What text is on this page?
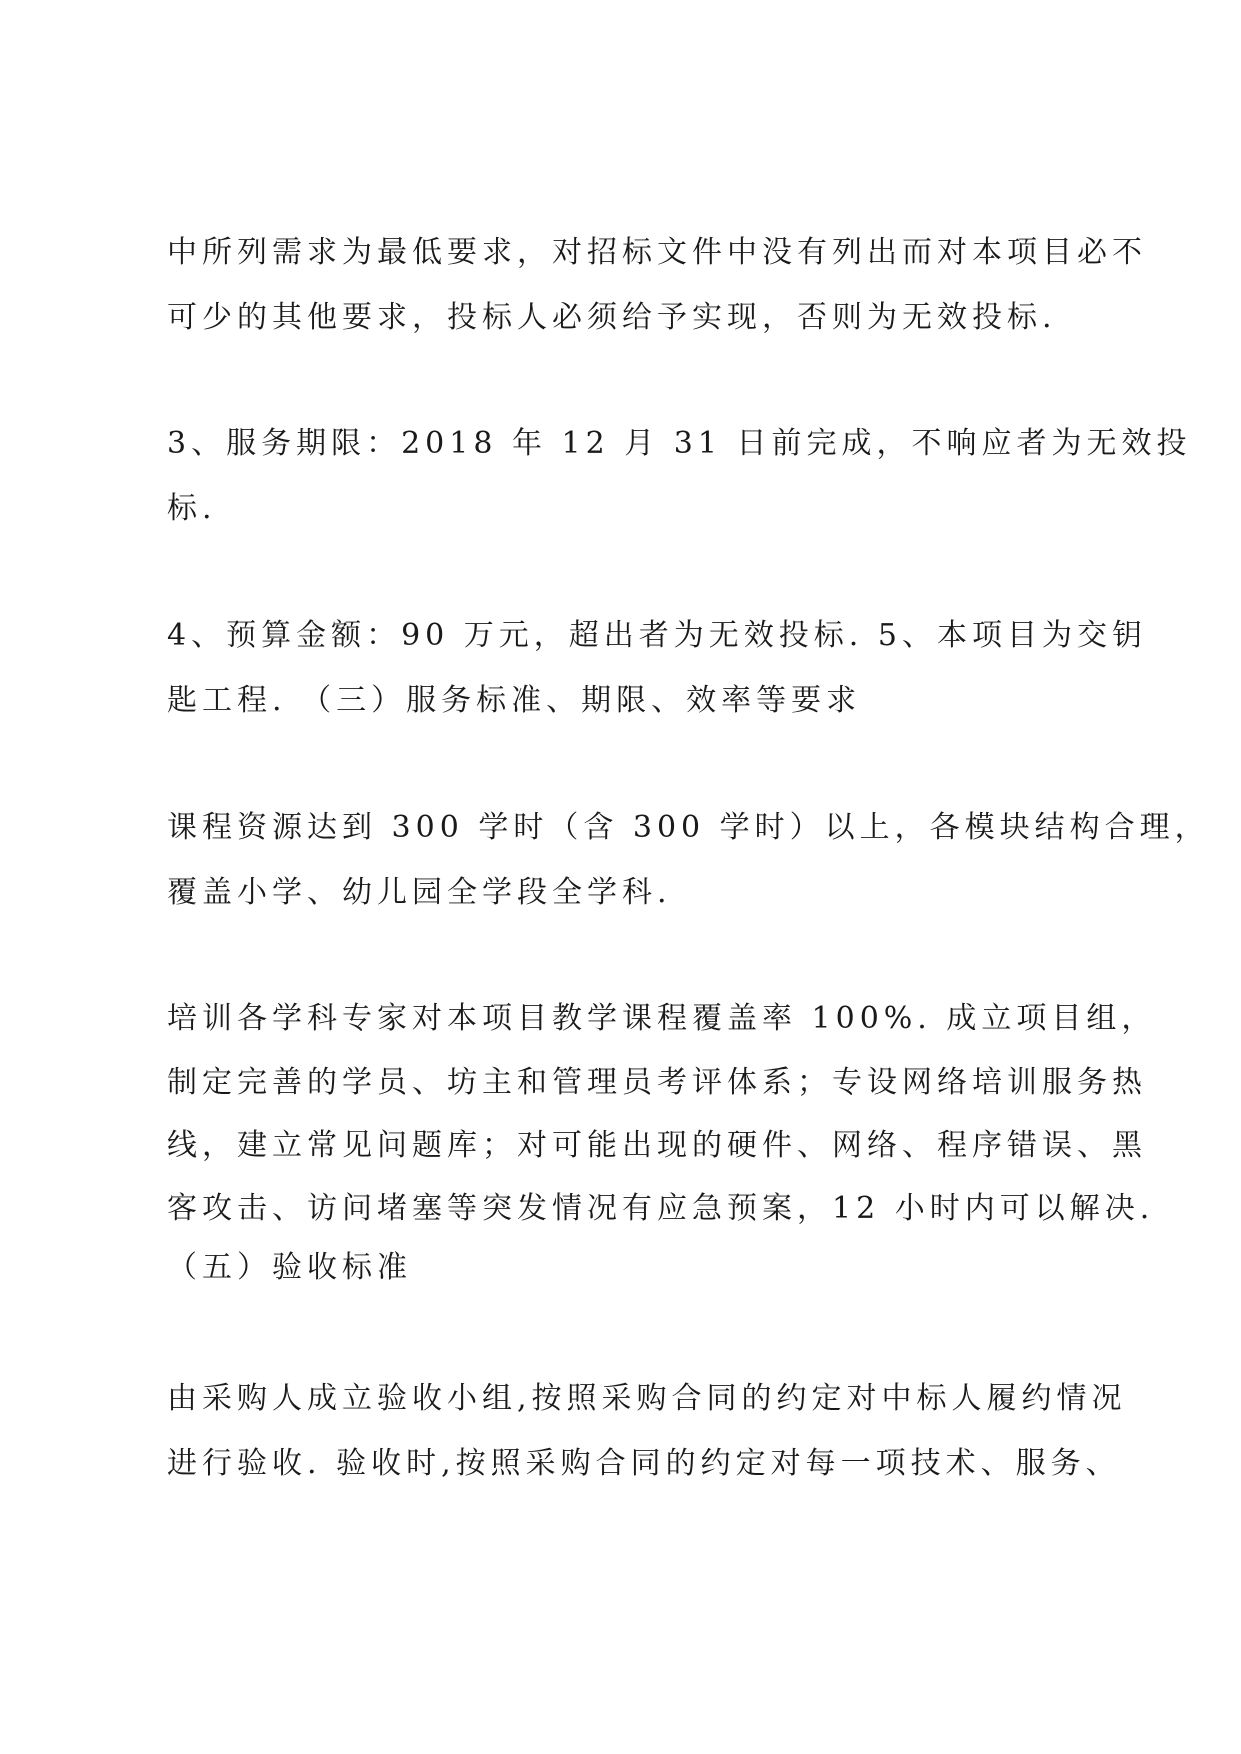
中所列需求为最低要求，对招标文件中没有列出而对本项目必不
可少的其他要求，投标人必须给予实现，否则为无效投标.
3、服务期限：2018 年 12 月 31 日前完成，不响应者为无效投
标.
4、预算金额：90 万元，超出者为无效投标. 5、本项目为交钥
匙工程. （三）服务标准、期限、效率等要求
课程资源达到 300 学时（含 300 学时）以上，各模块结构合理，
覆盖小学、幼儿园全学段全学科.
培训各学科专家对本项目教学课程覆盖率 100%. 成立项目组，
制定完善的学员、坊主和管理员考评体系；专设网络培训服务热
线，建立常见问题库；对可能出现的硬件、网络、程序错误、黑
客攻击、访问堵塞等突发情况有应急预案，12 小时内可以解决.
（五）验收标准
由采购人成立验收小组,按照采购合同的约定对中标人履约情况
进行验收. 验收时,按照采购合同的约定对每一项技术、服务、
